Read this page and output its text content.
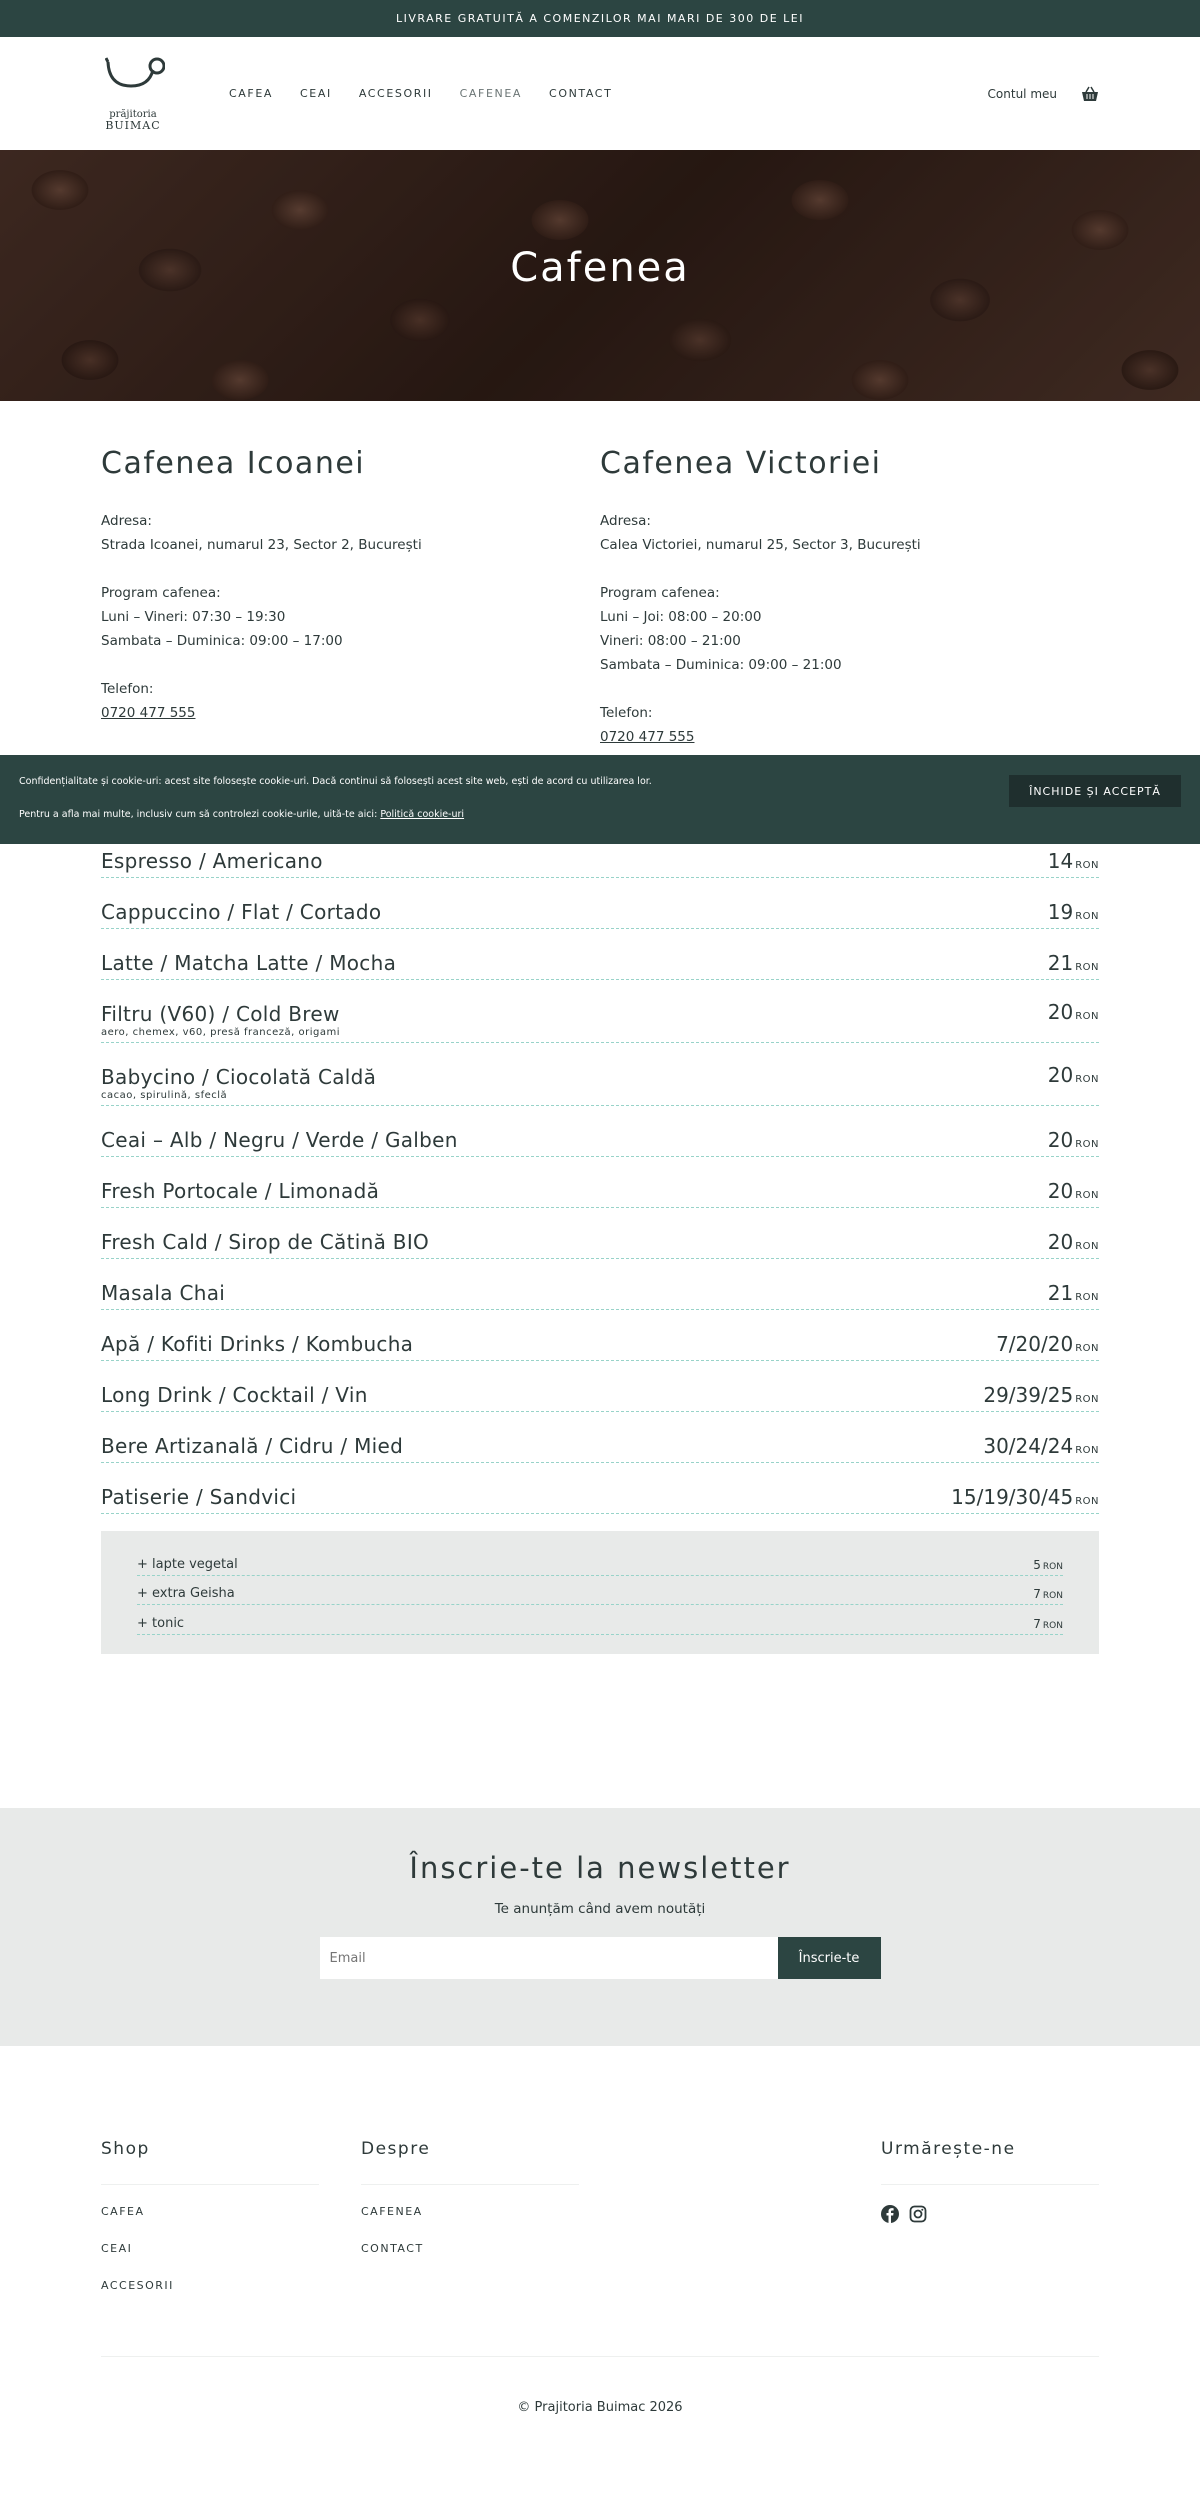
LIVRARE GRATUITĂ A COMENZILOR MAI MARI DE 300 DE LEI
prăjitoria
BUIMAC
CAFEA CEAI ACCESORII CAFENEA CONTACT	Contul meu
Cafenea
Cafenea Icoanei

Adresa:

Strada Icoanei, numarul 23, Sector 2, București

Program cafenea:

Luni – Vineri: 07:30 – 19:30

Sambata – Duminica: 09:00 – 17:00

Telefon:

0720 477 555

Cafenea Victoriei

Adresa:

Calea Victoriei, numarul 25, Sector 3, București

Program cafenea:

Luni – Joi: 08:00 – 20:00

Vineri: 08:00 – 21:00

Sambata – Duminica: 09:00 – 21:00

Telefon:

0720 477 555

Espresso / Americano	14 RON
Cappuccino / Flat / Cortado	19 RON
Latte / Matcha Latte / Mocha	21 RON
Filtru (V60) / Cold Brew
aero, chemex, v60, presă franceză, origami
20 RON
Babycino / Ciocolată Caldă
cacao, spirulină, sfeclă
20 RON
Ceai – Alb / Negru / Verde / Galben	20 RON
Fresh Portocale / Limonadă	20 RON
Fresh Cald / Sirop de Cătină BIO	20 RON
Masala Chai	21 RON
Apă / Kofiti Drinks / Kombucha	7/20/20 RON
Long Drink / Cocktail / Vin	29/39/25 RON
Bere Artizanală / Cidru / Mied	30/24/24 RON
Patiserie / Sandvici	15/19/30/45 RON
+ lapte vegetal	5 RON
+ extra Geisha	7 RON
+ tonic	7 RON
Confidențialitate și cookie-uri: acest site folosește cookie-uri. Dacă continui să folosești acest site web, ești de acord cu utilizarea lor.
Pentru a afla mai multe, inclusiv cum să controlezi cookie-urile, uită-te aici: Politică cookie-uri
ÎNCHIDE ȘI ACCEPTĂ
Înscrie-te la newsletter

Te anunțăm când avem noutăți

Email
Înscrie-te
Shop
CAFEA
CEAI
ACCESORII
Despre
CAFENEA
CONTACT
Urmărește-ne
© Prajitoria Buimac 2026
